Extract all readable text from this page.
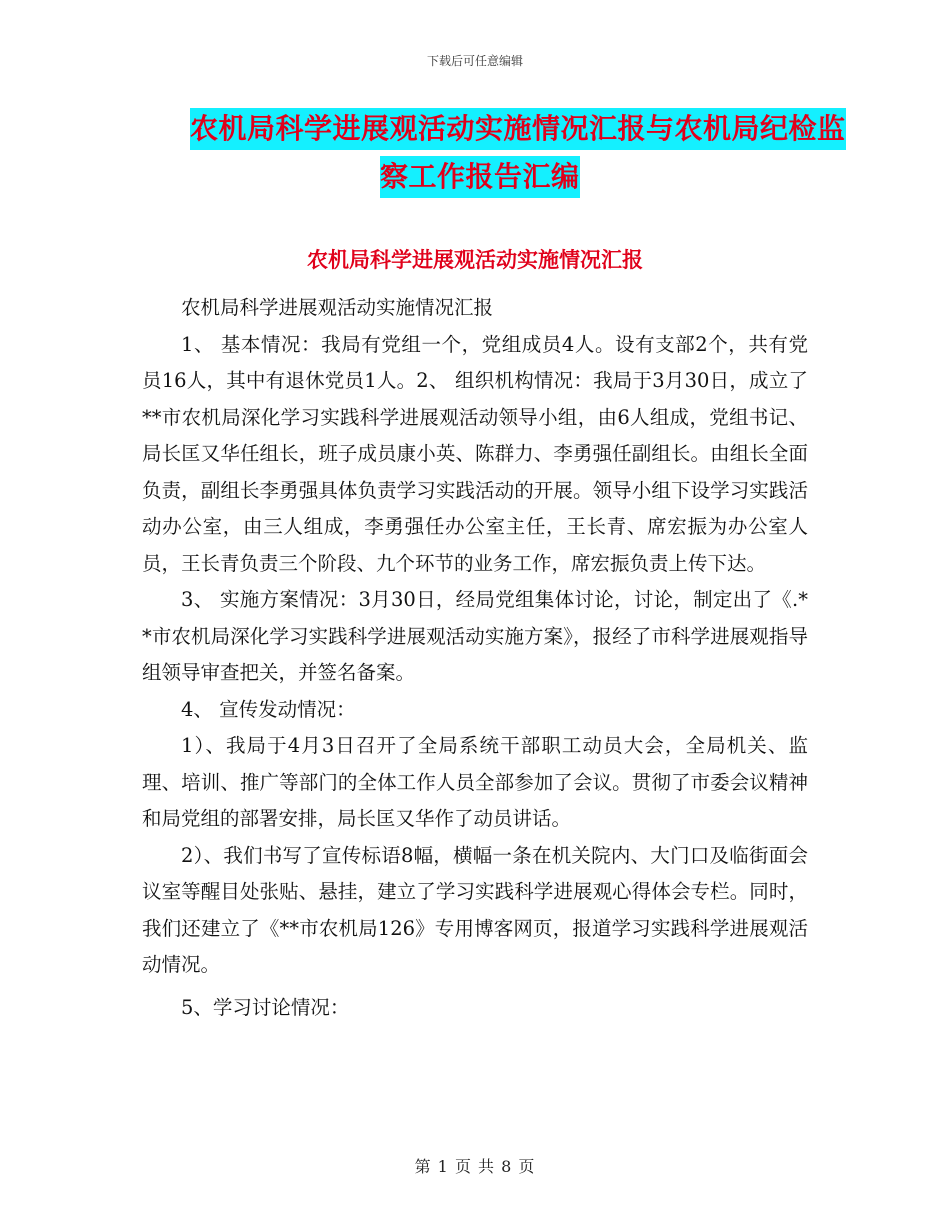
下载后可任意编辑
农机局科学进展观活动实施情况汇报与农机局纪检监
察工作报告汇编
农机局科学进展观活动实施情况汇报

农机局科学进展观活动实施情况汇报

1、 基本情况：我局有党组一个，党组成员4人。设有支部2个，共有党员16人，其中有退休党员1人。2、 组织机构情况：我局于3月30日，成立了**市农机局深化学习实践科学进展观活动领导小组，由6人组成，党组书记、局长匡又华任组长，班子成员康小英、陈群力、李勇强任副组长。由组长全面负责，副组长李勇强具体负责学习实践活动的开展。领导小组下设学习实践活动办公室，由三人组成，李勇强任办公室主任，王长青、席宏振为办公室人员，王长青负责三个阶段、九个环节的业务工作，席宏振负责上传下达。

3、 实施方案情况：3月30日，经局党组集体讨论，讨论，制定出了《.**市农机局深化学习实践科学进展观活动实施方案》，报经了市科学进展观指导组领导审查把关，并签名备案。

4、 宣传发动情况：

1）、我局于4月3日召开了全局系统干部职工动员大会，全局机关、监理、培训、推广等部门的全体工作人员全部参加了会议。贯彻了市委会议精神和局党组的部署安排，局长匡又华作了动员讲话。

2）、我们书写了宣传标语8幅，横幅一条在机关院内、大门口及临街面会议室等醒目处张贴、悬挂，建立了学习实践科学进展观心得体会专栏。同时，我们还建立了《**市农机局126》专用博客网页，报道学习实践科学进展观活动情况。

5、学习讨论情况：

第 1 页 共 8 页
